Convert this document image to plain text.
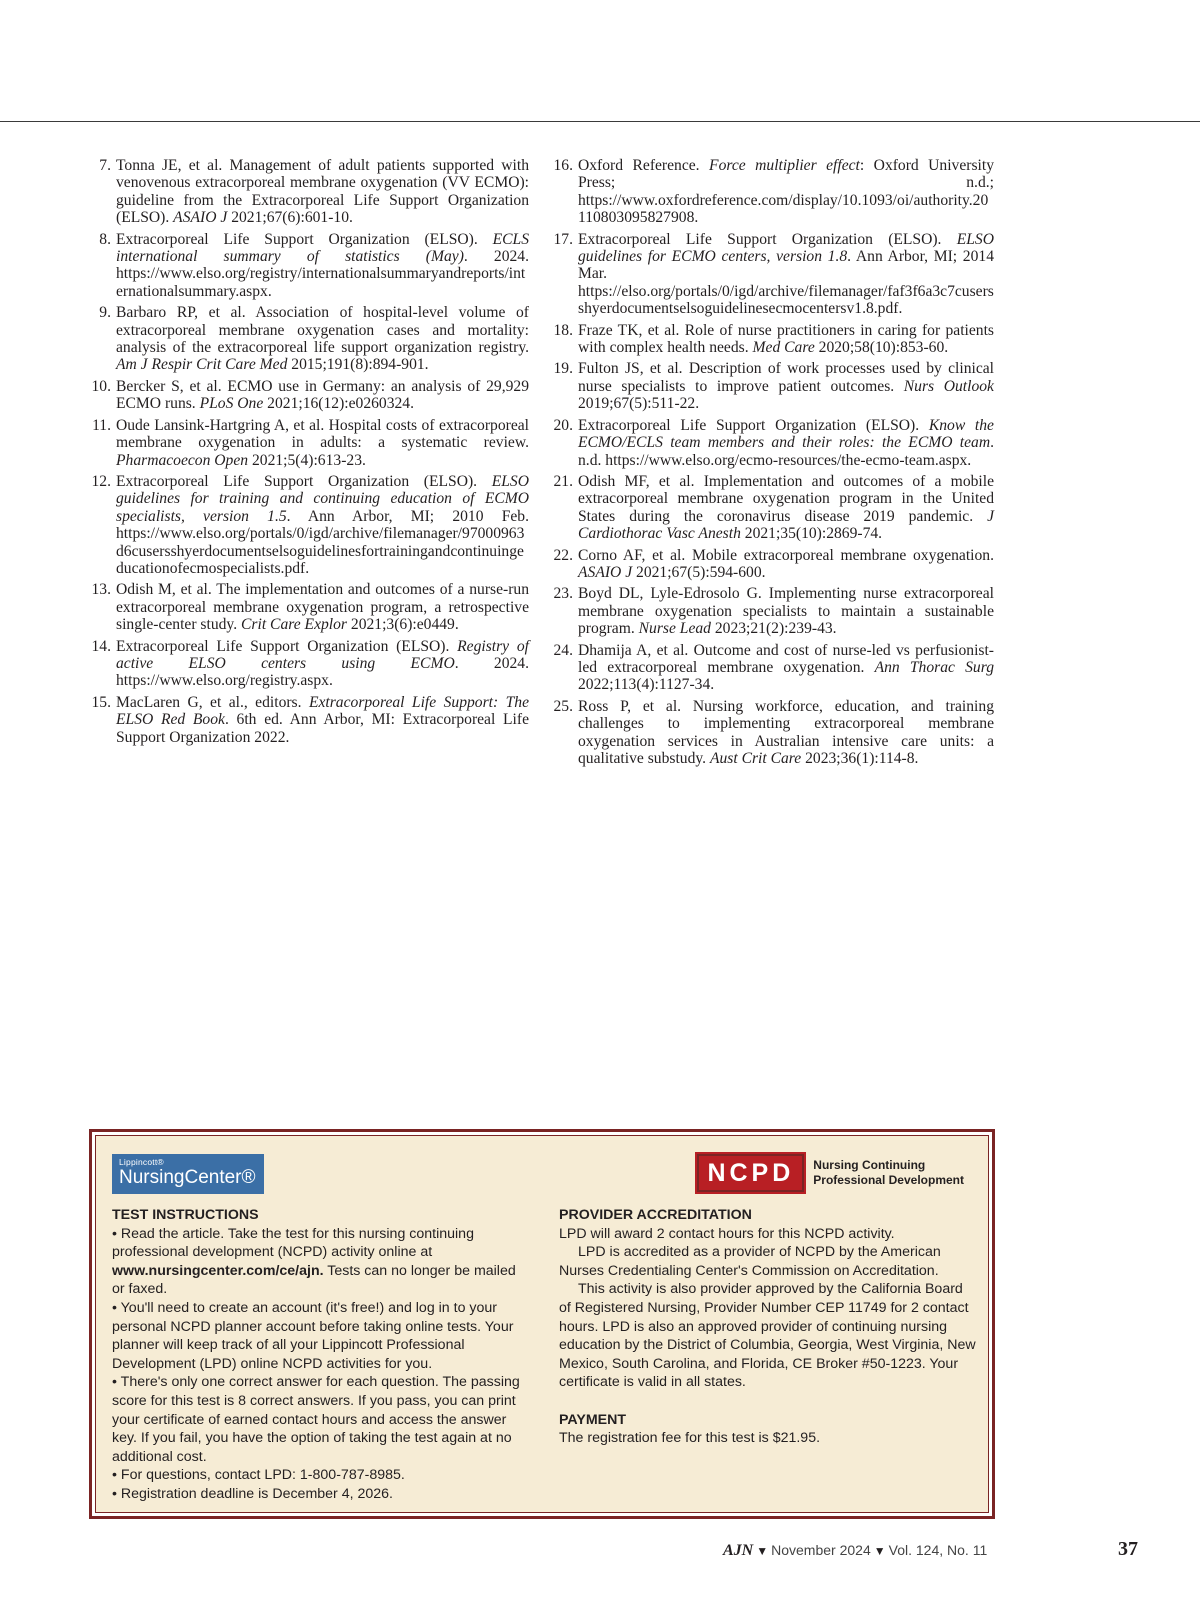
7. Tonna JE, et al. Management of adult patients supported with venovenous extracorporeal membrane oxygenation (VV ECMO): guideline from the Extracorporeal Life Support Organization (ELSO). ASAIO J 2021;67(6):601-10.
8. Extracorporeal Life Support Organization (ELSO). ECLS international summary of statistics (May). 2024. https://www.elso.org/registry/internationalsummaryandreports/internationalsummary.aspx.
9. Barbaro RP, et al. Association of hospital-level volume of extracorporeal membrane oxygenation cases and mortality: analysis of the extracorporeal life support organization registry. Am J Respir Crit Care Med 2015;191(8):894-901.
10. Bercker S, et al. ECMO use in Germany: an analysis of 29,929 ECMO runs. PLoS One 2021;16(12):e0260324.
11. Oude Lansink-Hartgring A, et al. Hospital costs of extracorporeal membrane oxygenation in adults: a systematic review. Pharmacoecon Open 2021;5(4):613-23.
12. Extracorporeal Life Support Organization (ELSO). ELSO guidelines for training and continuing education of ECMO specialists, version 1.5. Ann Arbor, MI; 2010 Feb. https://www.elso.org/portals/0/igd/archive/filemanager/97000963d6cusersshyerdocumentselsoguidelinesfortrainingandcontinuingeducationofecmospecialists.pdf.
13. Odish M, et al. The implementation and outcomes of a nurse-run extracorporeal membrane oxygenation program, a retrospective single-center study. Crit Care Explor 2021;3(6):e0449.
14. Extracorporeal Life Support Organization (ELSO). Registry of active ELSO centers using ECMO. 2024. https://www.elso.org/registry.aspx.
15. MacLaren G, et al., editors. Extracorporeal Life Support: The ELSO Red Book. 6th ed. Ann Arbor, MI: Extracorporeal Life Support Organization 2022.
16. Oxford Reference. Force multiplier effect: Oxford University Press; n.d.; https://www.oxfordreference.com/display/10.1093/oi/authority.20110803095827908.
17. Extracorporeal Life Support Organization (ELSO). ELSO guidelines for ECMO centers, version 1.8. Ann Arbor, MI; 2014 Mar. https://elso.org/portals/0/igd/archive/filemanager/faf3f6a3c7cusersshyerdocumentselsoguidelinesecmocentersv1.8.pdf.
18. Fraze TK, et al. Role of nurse practitioners in caring for patients with complex health needs. Med Care 2020;58(10):853-60.
19. Fulton JS, et al. Description of work processes used by clinical nurse specialists to improve patient outcomes. Nurs Outlook 2019;67(5):511-22.
20. Extracorporeal Life Support Organization (ELSO). Know the ECMO/ECLS team members and their roles: the ECMO team. n.d. https://www.elso.org/ecmo-resources/the-ecmo-team.aspx.
21. Odish MF, et al. Implementation and outcomes of a mobile extracorporeal membrane oxygenation program in the United States during the coronavirus disease 2019 pandemic. J Cardiothorac Vasc Anesth 2021;35(10):2869-74.
22. Corno AF, et al. Mobile extracorporeal membrane oxygenation. ASAIO J 2021;67(5):594-600.
23. Boyd DL, Lyle-Edrosolo G. Implementing nurse extracorporeal membrane oxygenation specialists to maintain a sustainable program. Nurse Lead 2023;21(2):239-43.
24. Dhamija A, et al. Outcome and cost of nurse-led vs perfusionist-led extracorporeal membrane oxygenation. Ann Thorac Surg 2022;113(4):1127-34.
25. Ross P, et al. Nursing workforce, education, and training challenges to implementing extracorporeal membrane oxygenation services in Australian intensive care units: a qualitative substudy. Aust Crit Care 2023;36(1):114-8.
Lippincott®
NursingCenter®	NCPD	Nursing Continuing
Professional Development
TEST INSTRUCTIONS

• Read the article. Take the test for this nursing continuing professional development (NCPD) activity online at www.nursingcenter.com/ce/ajn. Tests can no longer be mailed or faxed.

• You'll need to create an account (it's free!) and log in to your personal NCPD planner account before taking online tests. Your planner will keep track of all your Lippincott Professional Development (LPD) online NCPD activities for you.

• There's only one correct answer for each question. The passing score for this test is 8 correct answers. If you pass, you can print your certificate of earned contact hours and access the answer key. If you fail, you have the option of taking the test again at no additional cost.

• For questions, contact LPD: 1-800-787-8985.

• Registration deadline is December 4, 2026.

PROVIDER ACCREDITATION

LPD will award 2 contact hours for this NCPD activity.

LPD is accredited as a provider of NCPD by the American Nurses Credentialing Center's Commission on Accreditation.

This activity is also provider approved by the California Board of Registered Nursing, Provider Number CEP 11749 for 2 contact hours. LPD is also an approved provider of continuing nursing education by the District of Columbia, Georgia, West Virginia, New Mexico, South Carolina, and Florida, CE Broker #50-1223. Your certificate is valid in all states.

PAYMENT

The registration fee for this test is $21.95.

AJN ▼ November 2024 ▼ Vol. 124, No. 11	37
